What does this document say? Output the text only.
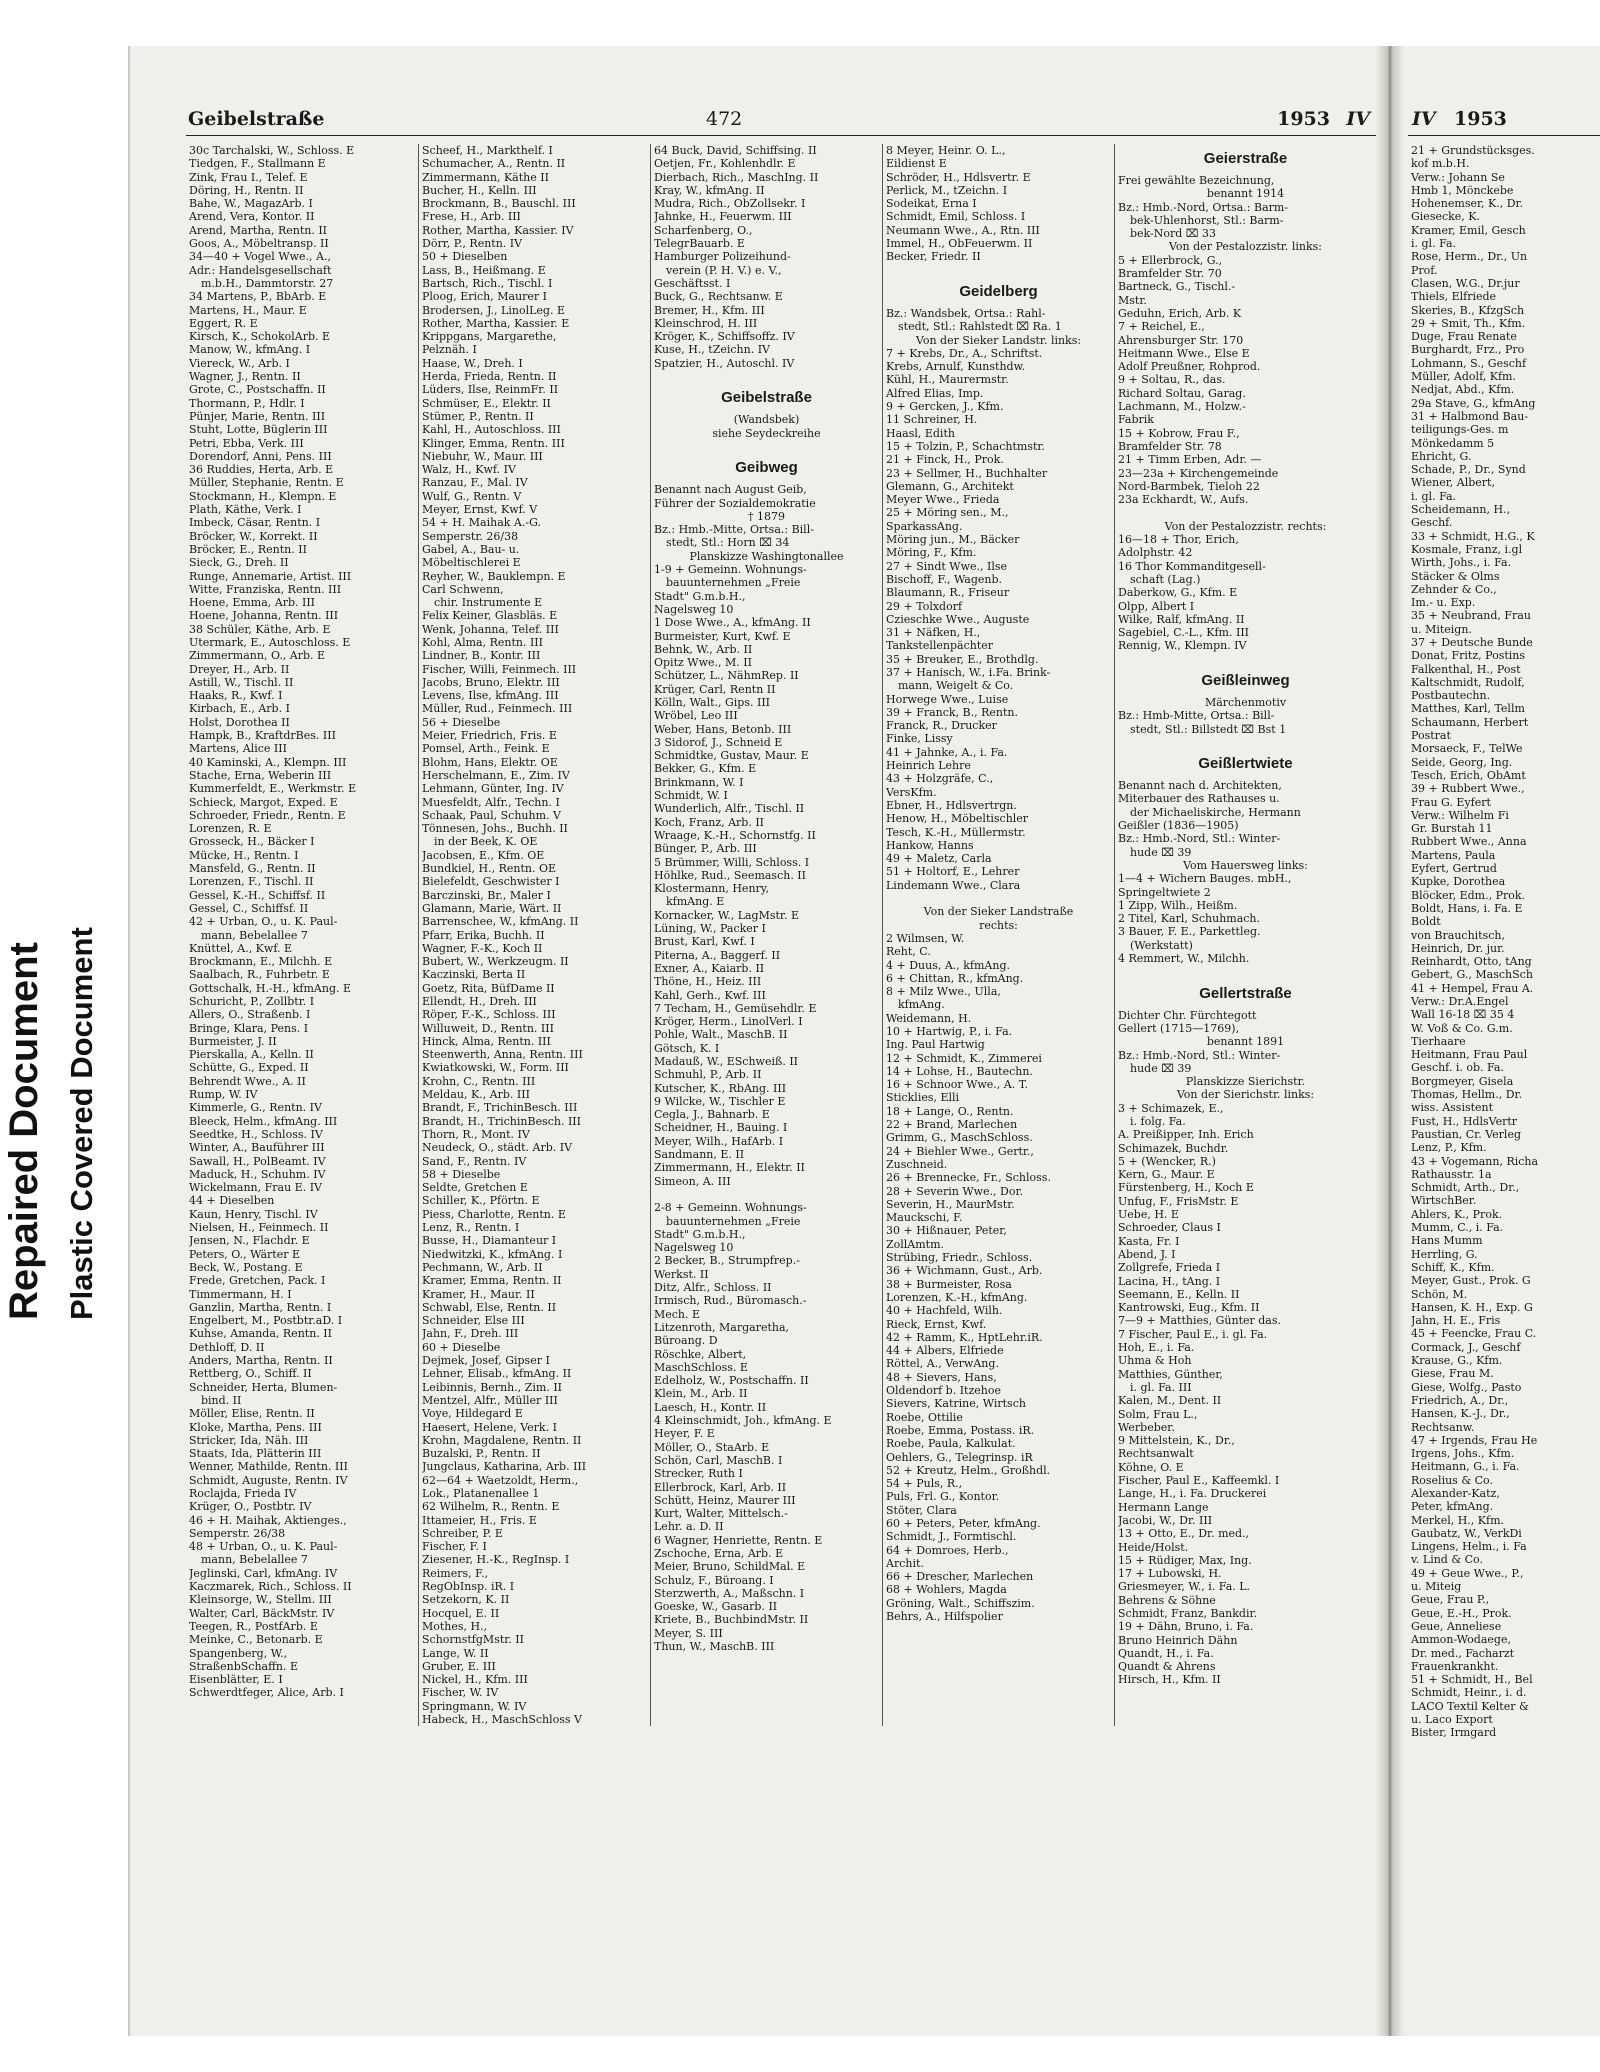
Repaired Document Plastic Covered Document
Geibelstraße	472	1953 IV
30c Tarchalski, W., Schloss. E
Tiedgen, F., Stallmann E
Zink, Frau I., Telef. E
Döring, H., Rentn. II
Bahe, W., MagazArb. I
Arend, Vera, Kontor. II
Arend, Martha, Rentn. II
Goos, A., Möbeltransp. II
34—40 + Vogel Wwe., A.,
Adr.: Handelsgesellschaft
m.b.H., Dammtorstr. 27
34 Martens, P., BbArb. E
Martens, H., Maur. E
Eggert, R. E
Kirsch, K., SchokolArb. E
Manow, W., kfmAng. I
Viereck, W., Arb. I
Wagner, J., Rentn. II
Grote, C., Postschaffn. II
Thormann, P., Hdlr. I
Pünjer, Marie, Rentn. III
Stuht, Lotte, Büglerin III
Petri, Ebba, Verk. III
Dorendorf, Anni, Pens. III
36 Ruddies, Herta, Arb. E
Müller, Stephanie, Rentn. E
Stockmann, H., Klempn. E
Plath, Käthe, Verk. I
Imbeck, Cäsar, Rentn. I
Bröcker, W., Korrekt. II
Bröcker, E., Rentn. II
Sieck, G., Dreh. II
Runge, Annemarie, Artist. III
Witte, Franziska, Rentn. III
Hoene, Emma, Arb. III
Hoene, Johanna, Rentn. III
38 Schüler, Käthe, Arb. E
Utermark, E., Autoschloss. E
Zimmermann, O., Arb. E
Dreyer, H., Arb. II
Astill, W., Tischl. II
Haaks, R., Kwf. I
Kirbach, E., Arb. I
Holst, Dorothea II
Hampk, B., KraftdrBes. III
Martens, Alice III
40 Kaminski, A., Klempn. III
Stache, Erna, Weberin III
Kummerfeldt, E., Werkmstr. E
Schieck, Margot, Exped. E
Schroeder, Friedr., Rentn. E
Lorenzen, R. E
Grosseck, H., Bäcker I
Mücke, H., Rentn. I
Mansfeld, G., Rentn. II
Lorenzen, F., Tischl. II
Gessel, K.-H., Schiffsf. II
Gessel, C., Schiffsf. II
42 + Urban, O., u. K. Paul-
mann, Bebelallee 7
Knüttel, A., Kwf. E
Brockmann, E., Milchh. E
Saalbach, R., Fuhrbetr. E
Gottschalk, H.-H., kfmAng. E
Schuricht, P., Zollbtr. I
Allers, O., Straßenb. I
Bringe, Klara, Pens. I
Burmeister, J. II
Pierskalla, A., Kelln. II
Schütte, G., Exped. II
Behrendt Wwe., A. II
Rump, W. IV
Kimmerle, G., Rentn. IV
Bleeck, Helm., kfmAng. III
Seedtke, H., Schloss. IV
Winter, A., Bauführer III
Sawall, H., PolBeamt. IV
Maduck, H., Schuhm. IV
Wickelmann, Frau E. IV
44 + Dieselben
Kaun, Henry, Tischl. IV
Nielsen, H., Feinmech. II
Jensen, N., Flachdr. E
Peters, O., Wärter E
Beck, W., Postang. E
Frede, Gretchen, Pack. I
Timmermann, H. I
Ganzlin, Martha, Rentn. I
Engelbert, M., Postbtr.aD. I
Kuhse, Amanda, Rentn. II
Dethloff, D. II
Anders, Martha, Rentn. II
Rettberg, O., Schiff. II
Schneider, Herta, Blumen-
bind. II
Möller, Elise, Rentn. II
Kloke, Martha, Pens. III
Stricker, Ida, Näh. III
Staats, Ida, Plätterin III
Wenner, Mathilde, Rentn. III
Schmidt, Auguste, Rentn. IV
Roclajda, Frieda IV
Krüger, O., Postbtr. IV
46 + H. Maihak, Aktienges.,
Semperstr. 26/38
48 + Urban, O., u. K. Paul-
mann, Bebelallee 7
Jeglinski, Carl, kfmAng. IV
Kaczmarek, Rich., Schloss. II
Kleinsorge, W., Stellm. III
Walter, Carl, BäckMstr. IV
Teegen, R., PostfArb. E
Meinke, C., Betonarb. E
Spangenberg, W.,
StraßenbSchaffn. E
Eisenblätter, E. I
Schwerdtfeger, Alice, Arb. I
Scheef, H., Markthelf. I
Schumacher, A., Rentn. II
Zimmermann, Käthe II
Bucher, H., Kelln. III
Brockmann, B., Bauschl. III
Frese, H., Arb. III
Rother, Martha, Kassier. IV
Dörr, P., Rentn. IV
50 + Dieselben
Lass, B., Heißmang. E
Bartsch, Rich., Tischl. I
Ploog, Erich, Maurer I
Brodersen, J., LinolLeg. E
Rother, Martha, Kassier. E
Krippgans, Margarethe,
Pelznäh. I
Haase, W., Dreh. I
Herda, Frieda, Rentn. II
Lüders, Ilse, ReinmFr. II
Schmüser, E., Elektr. II
Stümer, P., Rentn. II
Kahl, H., Autoschloss. III
Klinger, Emma, Rentn. III
Niebuhr, W., Maur. III
Walz, H., Kwf. IV
Ranzau, F., Mal. IV
Wulf, G., Rentn. V
Meyer, Ernst, Kwf. V
54 + H. Maihak A.-G.
Semperstr. 26/38
Gabel, A., Bau- u.
Möbeltischlerei E
Reyher, W., Bauklempn. E
Carl Schwenn,
chir. Instrumente E
Felix Keiner, Glasbläs. E
Wenk, Johanna, Telef. III
Kohl, Alma, Rentn. III
Lindner, B., Kontr. III
Fischer, Willi, Feinmech. III
Jacobs, Bruno, Elektr. III
Levens, Ilse, kfmAng. III
Müller, Rud., Feinmech. III
56 + Dieselbe
Meier, Friedrich, Fris. E
Pomsel, Arth., Feink. E
Blohm, Hans, Elektr. OE
Herschelmann, E., Zim. IV
Lehmann, Günter, Ing. IV
Muesfeldt, Alfr., Techn. I
Schaak, Paul, Schuhm. V
Tönnesen, Johs., Buchh. II
in der Beek, K. OE
Jacobsen, E., Kfm. OE
Bundkiel, H., Rentn. OE
Bielefeldt, Geschwister I
Barczinski, Br., Maler I
Glamann, Marie, Wärt. II
Barrenschee, W., kfmAng. II
Pfarr, Erika, Buchh. II
Wagner, F.-K., Koch II
Bubert, W., Werkzeugm. II
Kaczinski, Berta II
Goetz, Rita, BüfDame II
Ellendt, H., Dreh. III
Röper, F.-K., Schloss. III
Willuweit, D., Rentn. III
Hinck, Alma, Rentn. III
Steenwerth, Anna, Rentn. III
Kwiatkowski, W., Form. III
Krohn, C., Rentn. III
Meldau, K., Arb. III
Brandt, F., TrichinBesch. III
Brandt, H., TrichinBesch. III
Thorn, R., Mont. IV
Neudeck, O., städt. Arb. IV
Sand, F., Rentn. IV
58 + Dieselbe
Seldte, Gretchen E
Schiller, K., Pförtn. E
Piess, Charlotte, Rentn. E
Lenz, R., Rentn. I
Busse, H., Diamanteur I
Niedwitzki, K., kfmAng. I
Pechmann, W., Arb. II
Kramer, Emma, Rentn. II
Kramer, H., Maur. II
Schwabl, Else, Rentn. II
Schneider, Else III
Jahn, F., Dreh. III
60 + Dieselbe
Dejmek, Josef, Gipser I
Lehner, Elisab., kfmAng. II
Leibinnis, Bernh., Zim. II
Mentzel, Alfr., Müller III
Voye, Hildegard E
Haesert, Helene, Verk. I
Krohn, Magdalene, Rentn. II
Buzalski, P., Rentn. II
Jungclaus, Katharina, Arb. III
62—64 + Waetzoldt, Herm.,
Lok., Platanenallee 1
62 Wilhelm, R., Rentn. E
Ittameier, H., Fris. E
Schreiber, P. E
Fischer, F. I
Ziesener, H.-K., RegInsp. I
Reimers, F.,
RegObInsp. iR. I
Setzekorn, K. II
Hocquel, E. II
Mothes, H.,
SchornstfgMstr. II
Lange, W. II
Gruber, E. III
Nickel, H., Kfm. III
Fischer, W. IV
Springmann, W. IV
Habeck, H., MaschSchloss V
64 Buck, David, Schiffsing. II
Oetjen, Fr., Kohlenhdlr. E
Dierbach, Rich., MaschIng. II
Kray, W., kfmAng. II
Mudra, Rich., ObZollsekr. I
Jahnke, H., Feuerwm. III
Scharfenberg, O.,
TelegrBauarb. E
Hamburger Polizeihund-
verein (P. H. V.) e. V.,
Geschäftsst. I
Buck, G., Rechtsanw. E
Bremer, H., Kfm. III
Kleinschrod, H. III
Kröger, K., Schiffsoffz. IV
Kuse, H., tZeichn. IV
Spatzier, H., Autoschl. IV
Geibelstraße
(Wandsbek)
siehe Seydeckreihe
Geibweg
Benannt nach August Geib,
Führer der Sozialdemokratie
† 1879
Bz.: Hmb.-Mitte, Ortsa.: Bill-
stedt, Stl.: Horn ⌧ 34
Planskizze Washingtonallee
1-9 + Gemeinn. Wohnungs-
bauunternehmen „Freie
Stadt" G.m.b.H.,
Nagelsweg 10
1 Dose Wwe., A., kfmAng. II
Burmeister, Kurt, Kwf. E
Behnk, W., Arb. II
Opitz Wwe., M. II
Schützer, L., NähmRep. II
Krüger, Carl, Rentn II
Kölln, Walt., Gips. III
Wröbel, Leo III
Weber, Hans, Betonb. III
3 Sidorof, J., Schneid E
Schmidtke, Gustav, Maur. E
Bekker, G., Kfm. E
Brinkmann, W. I
Schmidt, W. I
Wunderlich, Alfr., Tischl. II
Koch, Franz, Arb. II
Wraage, K.-H., Schornstfg. II
Bünger, P., Arb. III
5 Brümmer, Willi, Schloss. I
Höhlke, Rud., Seemasch. II
Klostermann, Henry,
kfmAng. E
Kornacker, W., LagMstr. E
Lüning, W., Packer I
Brust, Karl, Kwf. I
Piterna, A., Baggerf. II
Exner, A., Kaiarb. II
Thöne, H., Heiz. III
Kahl, Gerh., Kwf. III
7 Techam, H., Gemüsehdlr. E
Kröger, Herm., LinolVerl. I
Pohle, Walt., MaschB. II
Götsch, K. I
Madauß, W., ESchweiß. II
Schmuhl, P., Arb. II
Kutscher, K., RbAng. III
9 Wilcke, W., Tischler E
Cegla, J., Bahnarb. E
Scheidner, H., Bauing. I
Meyer, Wilh., HafArb. I
Sandmann, E. II
Zimmermann, H., Elektr. II
Simeon, A. III
2-8 + Gemeinn. Wohnungs-
bauunternehmen „Freie
Stadt" G.m.b.H.,
Nagelsweg 10
2 Becker, B., Strumpfrep.-
Werkst. II
Ditz, Alfr., Schloss. II
Irmisch, Rud., Büromasch.-
Mech. E
Litzenroth, Margaretha,
Büroang. D
Röschke, Albert,
MaschSchloss. E
Edelholz, W., Postschaffn. II
Klein, M., Arb. II
Laesch, H., Kontr. II
4 Kleinschmidt, Joh., kfmAng. E
Heyer, F. E
Möller, O., StaArb. E
Schön, Carl, MaschB. I
Strecker, Ruth I
Ellerbrock, Karl, Arb. II
Schütt, Heinz, Maurer III
Kurt, Walter, Mittelsch.-
Lehr. a. D. II
6 Wagner, Henriette, Rentn. E
Zschoche, Erna, Arb. E
Meier, Bruno, SchildMal. E
Schulz, F., Büroang. I
Sterzwerth, A., Maßschn. I
Goeske, W., Gasarb. II
Kriete, B., BuchbindMstr. II
Meyer, S. III
Thun, W., MaschB. III
8 Meyer, Heinr. O. L.,
Eildienst E
Schröder, H., Hdlsvertr. E
Perlick, M., tZeichn. I
Sodeikat, Erna I
Schmidt, Emil, Schloss. I
Neumann Wwe., A., Rtn. III
Immel, H., ObFeuerwm. II
Becker, Friedr. II
Geidelberg
Bz.: Wandsbek, Ortsa.: Rahl-
stedt, Stl.: Rahlstedt ⌧ Ra. 1
Von der Sieker Landstr. links:
7 + Krebs, Dr., A., Schriftst.
Krebs, Arnulf, Kunsthdw.
Kühl, H., Maurermstr.
Alfred Elias, Imp.
9 + Gercken, J., Kfm.
11 Schreiner, H.
Haasl, Edith
15 + Tolzin, P., Schachtmstr.
21 + Finck, H., Prok.
23 + Sellmer, H., Buchhalter
Glemann, G., Architekt
Meyer Wwe., Frieda
25 + Möring sen., M.,
SparkassAng.
Möring jun., M., Bäcker
Möring, F., Kfm.
27 + Sindt Wwe., Ilse
Bischoff, F., Wagenb.
Blaumann, R., Friseur
29 + Tolxdorf
Czieschke Wwe., Auguste
31 + Näfken, H.,
Tankstellenpächter
35 + Breuker, E., Brothdlg.
37 + Hanisch, W., i.Fa. Brink-
mann, Weigelt & Co.
Horwege Wwe., Luise
39 + Franck, B., Rentn.
Franck, R., Drucker
Finke, Lissy
41 + Jahnke, A., i. Fa.
Heinrich Lehre
43 + Holzgräfe, C.,
VersKfm.
Ebner, H., Hdlsvertrgn.
Henow, H., Möbeltischler
Tesch, K.-H., Müllermstr.
Hankow, Hanns
49 + Maletz, Carla
51 + Holtorf, E., Lehrer
Lindemann Wwe., Clara
Von der Sieker Landstraße
rechts:
2 Wilmsen, W.
Reht, C.
4 + Duus, A., kfmAng.
6 + Chittan, R., kfmAng.
8 + Milz Wwe., Ulla,
kfmAng.
Weidemann, H.
10 + Hartwig, P., i. Fa.
Ing. Paul Hartwig
12 + Schmidt, K., Zimmerei
14 + Lohse, H., Bautechn.
16 + Schnoor Wwe., A. T.
Sticklies, Elli
18 + Lange, O., Rentn.
22 + Brand, Marlechen
Grimm, G., MaschSchloss.
24 + Biehler Wwe., Gertr.,
Zuschneid.
26 + Brennecke, Fr., Schloss.
28 + Severin Wwe., Dor.
Severin, H., MaurMstr.
Mauckschi, F.
30 + Hißnauer, Peter,
ZollAmtm.
Strübing, Friedr., Schloss.
36 + Wichmann, Gust., Arb.
38 + Burmeister, Rosa
Lorenzen, K.-H., kfmAng.
40 + Hachfeld, Wilh.
Rieck, Ernst, Kwf.
42 + Ramm, K., HptLehr.iR.
44 + Albers, Elfriede
Röttel, A., VerwAng.
48 + Sievers, Hans,
Oldendorf b. Itzehoe
Sievers, Katrine, Wirtsch
Roebe, Ottilie
Roebe, Emma, Postass. iR.
Roebe, Paula, Kalkulat.
Oehlers, G., Telegrinsp. iR
52 + Kreutz, Helm., Großhdl.
54 + Puls, R.,
Puls, Frl. G., Kontor.
Stöter, Clara
60 + Peters, Peter, kfmAng.
Schmidt, J., Formtischl.
64 + Domroes, Herb.,
Archit.
66 + Drescher, Marlechen
68 + Wohlers, Magda
Gröning, Walt., Schiffszim.
Behrs, A., Hilfspolier
Geierstraße
Frei gewählte Bezeichnung,
benannt 1914
Bz.: Hmb.-Nord, Ortsa.: Barm-
bek-Uhlenhorst, Stl.: Barm-
bek-Nord ⌧ 33
Von der Pestalozzistr. links:
5 + Ellerbrock, G.,
Bramfelder Str. 70
Bartneck, G., Tischl.-
Mstr.
Geduhn, Erich, Arb. K
7 + Reichel, E.,
Ahrensburger Str. 170
Heitmann Wwe., Else E
Adolf Preußner, Rohprod.
9 + Soltau, R., das.
Richard Soltau, Garag.
Lachmann, M., Holzw.-
Fabrik
15 + Kobrow, Frau F.,
Bramfelder Str. 78
21 + Timm Erben, Adr. —
23—23a + Kirchengemeinde
Nord-Barmbek, Tieloh 22
23a Eckhardt, W., Aufs.
Von der Pestalozzistr. rechts:
16—18 + Thor, Erich,
Adolphstr. 42
16 Thor Kommanditgesell-
schaft (Lag.)
Daberkow, G., Kfm. E
Olpp, Albert I
Wilke, Ralf, kfmAng. II
Sagebiel, C.-L., Kfm. III
Rennig, W., Klempn. IV
Geißleinweg
Märchenmotiv
Bz.: Hmb-Mitte, Ortsa.: Bill-
stedt, Stl.: Billstedt ⌧ Bst 1
Geißlertwiete
Benannt nach d. Architekten,
Miterbauer des Rathauses u.
der Michaeliskirche, Hermann
Geißler (1836—1905)
Bz.: Hmb.-Nord, Stl.: Winter-
hude ⌧ 39
Vom Hauersweg links:
1—4 + Wichern Bauges. mbH.,
Springeltwiete 2
1 Zipp, Wilh., Heißm.
2 Titel, Karl, Schuhmach.
3 Bauer, F. E., Parkettleg.
(Werkstatt)
4 Remmert, W., Milchh.
Gellertstraße
Dichter Chr. Fürchtegott
Gellert (1715—1769),
benannt 1891
Bz.: Hmb.-Nord, Stl.: Winter-
hude ⌧ 39
Planskizze Sierichstr.
Von der Sierichstr. links:
3 + Schimazek, E.,
i. folg. Fa.
A. Preißipper, Inh. Erich
Schimazek, Buchdr.
5 + (Wencker, R.)
Kern, G., Maur. E
Fürstenberg, H., Koch E
Unfug, F., FrisMstr. E
Uebe, H. E
Schroeder, Claus I
Kasta, Fr. I
Abend, J. I
Zollgrefe, Frieda I
Lacina, H., tAng. I
Seemann, E., Kelln. II
Kantrowski, Eug., Kfm. II
7—9 + Matthies, Günter das.
7 Fischer, Paul E., i. gl. Fa.
Hoh, E., i. Fa.
Uhma & Hoh
Matthies, Günther,
i. gl. Fa. III
Kalen, M., Dent. II
Solm, Frau L.,
Werbeber.
9 Mittelstein, K., Dr.,
Rechtsanwalt
Köhne, O. E
Fischer, Paul E., Kaffeemkl. I
Lange, H., i. Fa. Druckerei
Hermann Lange
Jacobi, W., Dr. III
13 + Otto, E., Dr. med.,
Heide/Holst.
15 + Rüdiger, Max, Ing.
17 + Lubowski, H.
Griesmeyer, W., i. Fa. L.
Behrens & Söhne
Schmidt, Franz, Bankdir.
19 + Dähn, Bruno, i. Fa.
Bruno Heinrich Dähn
Quandt, H., i. Fa.
Quandt & Ahrens
Hirsch, H., Kfm. II
IV 1953
21 + Grundstücksges.
kof m.b.H.
Verw.: Johann Se
Hmb 1, Mönckebe
Hohenemser, K., Dr.
Giesecke, K.
Kramer, Emil, Gesch
i. gl. Fa.
Rose, Herm., Dr., Un
Prof.
Clasen, W.G., Dr.jur
Thiels, Elfriede
Skeries, B., KfzgSch
29 + Smit, Th., Kfm.
Duge, Frau Renate
Burghardt, Frz., Pro
Lohmann, S., Geschf
Müller, Adolf, Kfm.
Nedjat, Abd., Kfm.
29a Stave, G., kfmAng
31 + Halbmond Bau-
teiligungs-Ges. m
Mönkedamm 5
Ehricht, G.
Schade, P., Dr., Synd
Wiener, Albert,
i. gl. Fa.
Scheidemann, H.,
Geschf.
33 + Schmidt, H.G., K
Kosmale, Franz, i.gl
Wirth, Johs., i. Fa.
Stäcker & Olms
Zehnder & Co.,
Im.- u. Exp.
35 + Neubrand, Frau
u. Miteign.
37 + Deutsche Bunde
Donat, Fritz, Postins
Falkenthal, H., Post
Kaltschmidt, Rudolf,
Postbautechn.
Matthes, Karl, Tellm
Schaumann, Herbert
Postrat
Morsaeck, F., TelWe
Seide, Georg, Ing.
Tesch, Erich, ObAmt
39 + Rubbert Wwe.,
Frau G. Eyfert
Verw.: Wilhelm Fi
Gr. Burstah 11
Rubbert Wwe., Anna
Martens, Paula
Eyfert, Gertrud
Kupke, Dorothea
Blöcker, Edm., Prok.
Boldt, Hans, i. Fa. E
Boldt
von Brauchitsch,
Heinrich, Dr. jur.
Reinhardt, Otto, tAng
Gebert, G., MaschSch
41 + Hempel, Frau A.
Verw.: Dr.A.Engel
Wall 16-18 ⌧ 35 4
W. Voß & Co. G.m.
Tierhaare
Heitmann, Frau Paul
Geschf. i. ob. Fa.
Borgmeyer, Gisela
Thomas, Hellm., Dr.
wiss. Assistent
Fust, H., HdlsVertr
Paustian, Cr. Verleg
Lenz, P., Kfm.
43 + Vogemann, Richa
Rathausstr. 1a
Schmidt, Arth., Dr.,
WirtschBer.
Ahlers, K., Prok.
Mumm, C., i. Fa.
Hans Mumm
Herrling, G.
Schiff, K., Kfm.
Meyer, Gust., Prok. G
Schön, M.
Hansen, K. H., Exp. G
Jahn, H. E., Fris
45 + Feencke, Frau C.
Cormack, J., Geschf
Krause, G., Kfm.
Giese, Frau M.
Giese, Wolfg., Pasto
Friedrich, A., Dr.,
Hansen, K.-J., Dr.,
Rechtsanw.
47 + Irgends, Frau He
Irgens, Johs., Kfm.
Heitmann, G., i. Fa.
Roselius & Co.
Alexander-Katz,
Peter, kfmAng.
Merkel, H., Kfm.
Gaubatz, W., VerkDi
Lingens, Helm., i. Fa
v. Lind & Co.
49 + Geue Wwe., P.,
u. Miteig
Geue, Frau P.,
Geue, E.-H., Prok.
Geue, Anneliese
Ammon-Wodaege,
Dr. med., Facharzt
Frauenkrankht.
51 + Schmidt, H., Bel
Schmidt, Heinr., i. d.
LACO Textil Kelter &
u. Laco Export
Bister, Irmgard
